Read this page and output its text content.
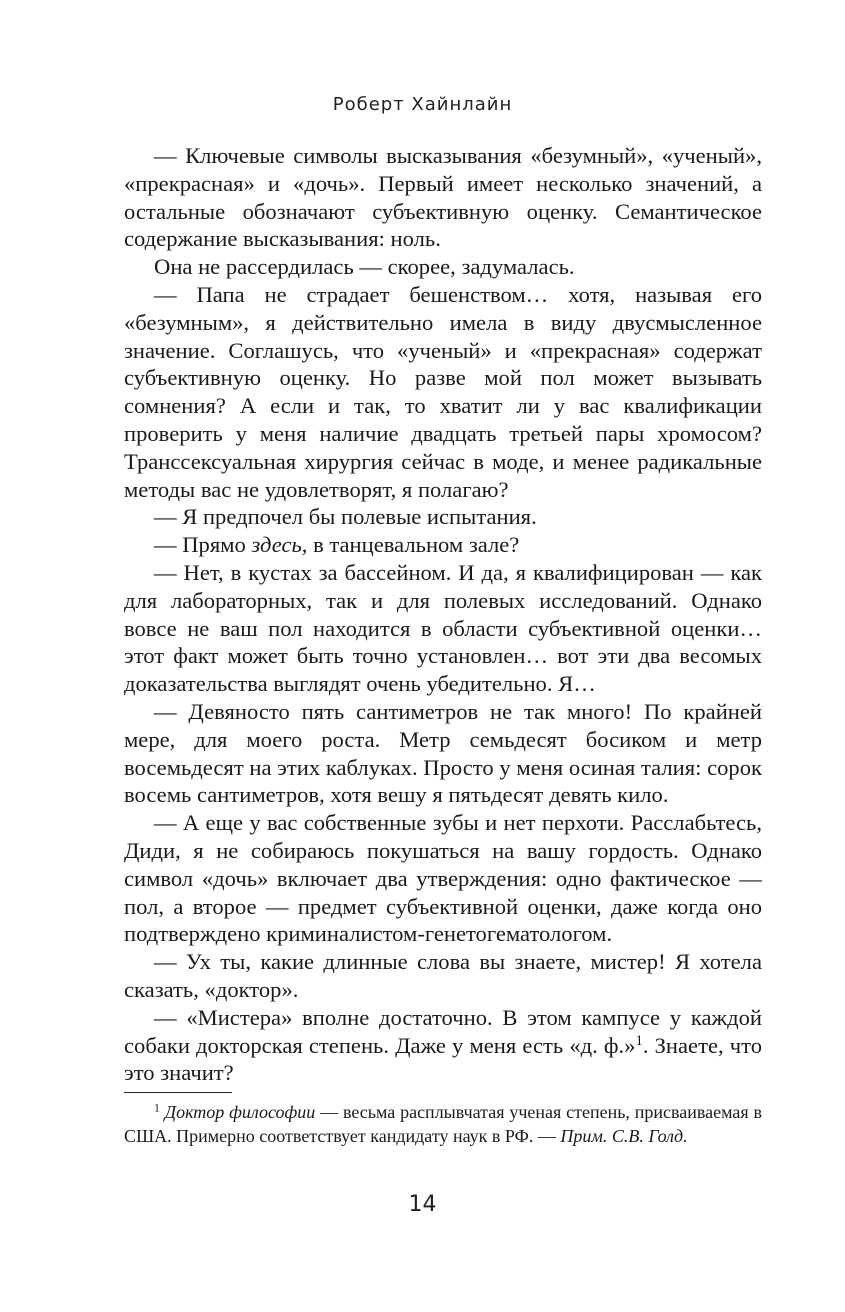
Роберт Хайнлайн

— Ключевые символы высказывания «безумный», «ученый», «прекрасная» и «дочь». Первый имеет несколько значений, а остальные обозначают субъективную оценку. Семантическое содержание высказывания: ноль.

Она не рассердилась — скорее, задумалась.

— Папа не страдает бешенством… хотя, называя его «безумным», я действительно имела в виду двусмысленное значение. Соглашусь, что «ученый» и «прекрасная» содержат субъективную оценку. Но разве мой пол может вызывать сомнения? А если и так, то хватит ли у вас квалификации проверить у меня наличие двадцать третьей пары хромосом? Транссексуальная хирургия сейчас в моде, и менее радикальные методы вас не удовлетворят, я полагаю?

— Я предпочел бы полевые испытания.

— Прямо здесь, в танцевальном зале?

— Нет, в кустах за бассейном. И да, я квалифицирован — как для лабораторных, так и для полевых исследований. Однако вовсе не ваш пол находится в области субъективной оценки… этот факт может быть точно установлен… вот эти два весомых доказательства выглядят очень убедительно. Я…

— Девяносто пять сантиметров не так много! По крайней мере, для моего роста. Метр семьдесят босиком и метр восемьдесят на этих каблуках. Просто у меня осиная талия: сорок восемь сантиметров, хотя вешу я пятьдесят девять кило.

— А еще у вас собственные зубы и нет перхоти. Расслабьтесь, Диди, я не собираюсь покушаться на вашу гордость. Однако символ «дочь» включает два утверждения: одно фактическое — пол, а второе — предмет субъективной оценки, даже когда оно подтверждено криминалистом-генетогематологом.

— Ух ты, какие длинные слова вы знаете, мистер! Я хотела сказать, «доктор».

— «Мистера» вполне достаточно. В этом кампусе у каждой собаки докторская степень. Даже у меня есть «д. ф.»$^1$. Знаете, что это значит?

$^1$ Доктор философии — весьма расплывчатая ученая степень, присваиваемая в США. Примерно соответствует кандидату наук в РФ. — Прим. С.В. Голд.
14
